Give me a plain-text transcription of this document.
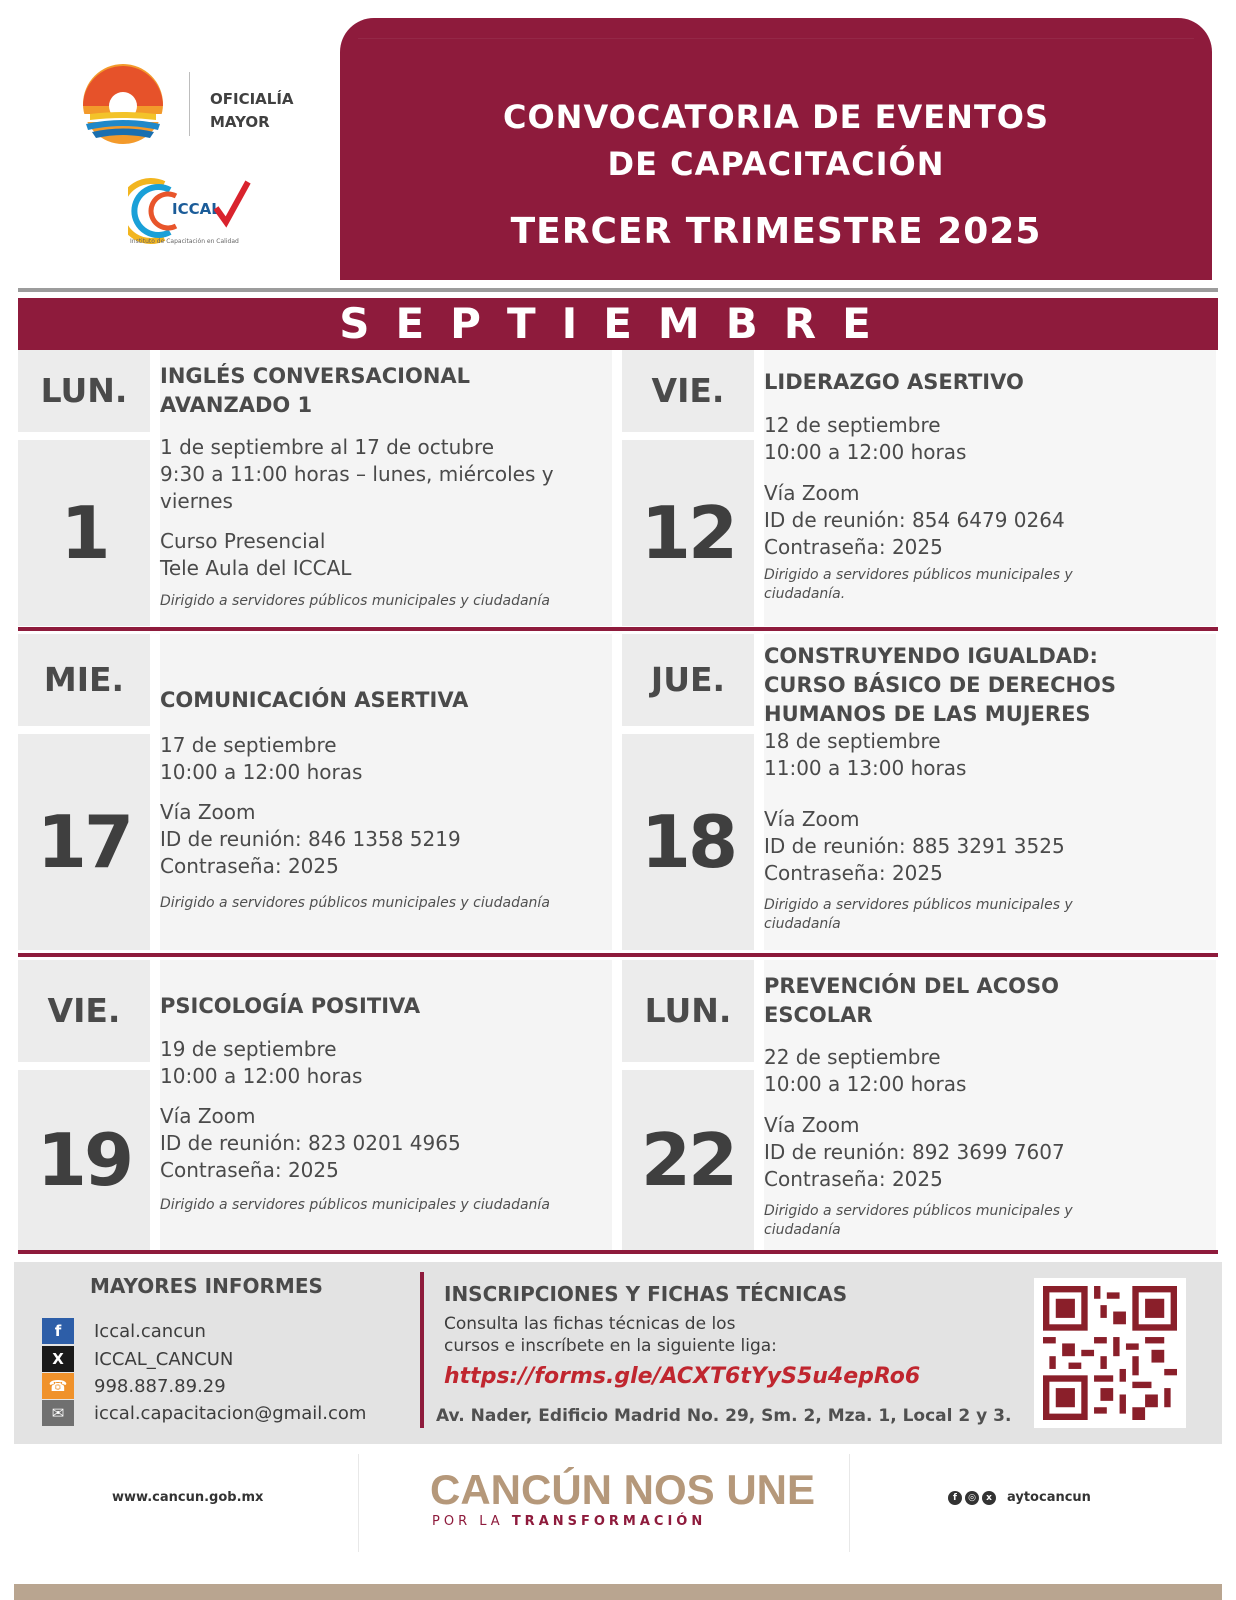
OFICIALÍA
MAYOR
ICCAL
Instituto de Capacitación en Calidad
CONVOCATORIA DE EVENTOS
DE CAPACITACIÓN
TERCER TRIMESTRE 2025
SEPTIEMBRE
LUN.
1
INGLÉS CONVERSACIONAL
AVANZADO 1
1 de septiembre al 17 de octubre
9:30 a 11:00 horas – lunes, miércoles y
viernes
Curso Presencial
Tele Aula del ICCAL
Dirigido a servidores públicos municipales y ciudadanía
VIE.
12
LIDERAZGO ASERTIVO
12 de septiembre
10:00 a 12:00 horas
Vía Zoom
ID de reunión: 854 6479 0264
Contraseña: 2025
Dirigido a servidores públicos municipales y ciudadanía.
MIE.
17
COMUNICACIÓN ASERTIVA
17 de septiembre
10:00 a 12:00 horas
Vía Zoom
ID de reunión: 846 1358 5219
Contraseña: 2025
Dirigido a servidores públicos municipales y ciudadanía
JUE.
18
CONSTRUYENDO IGUALDAD:
CURSO BÁSICO DE DERECHOS
HUMANOS DE LAS MUJERES
18 de septiembre
11:00 a 13:00 horas
Vía Zoom
ID de reunión: 885 3291 3525
Contraseña: 2025
Dirigido a servidores públicos municipales y ciudadanía
VIE.
19
PSICOLOGÍA POSITIVA
19 de septiembre
10:00 a 12:00 horas
Vía Zoom
ID de reunión: 823 0201 4965
Contraseña: 2025
Dirigido a servidores públicos municipales y ciudadanía
LUN.
22
PREVENCIÓN DEL ACOSO
ESCOLAR
22 de septiembre
10:00 a 12:00 horas
Vía Zoom
ID de reunión: 892 3699 7607
Contraseña: 2025
Dirigido a servidores públicos municipales y ciudadanía
MAYORES INFORMES
f	Iccal.cancun
X	ICCAL_CANCUN
☎	998.887.89.29
✉	iccal.capacitacion@gmail.com
INSCRIPCIONES Y FICHAS TÉCNICAS
Consulta las fichas técnicas de los
cursos e inscríbete en la siguiente liga:
https://forms.gle/ACXT6tYyS5u4epRo6
Av. Nader, Edificio Madrid No. 29, Sm. 2, Mza. 1, Local 2 y 3.
www.cancun.gob.mx	CANCÚN NOS UNE
POR LA TRANSFORMACIÓN
f	◎	x	aytocancun
